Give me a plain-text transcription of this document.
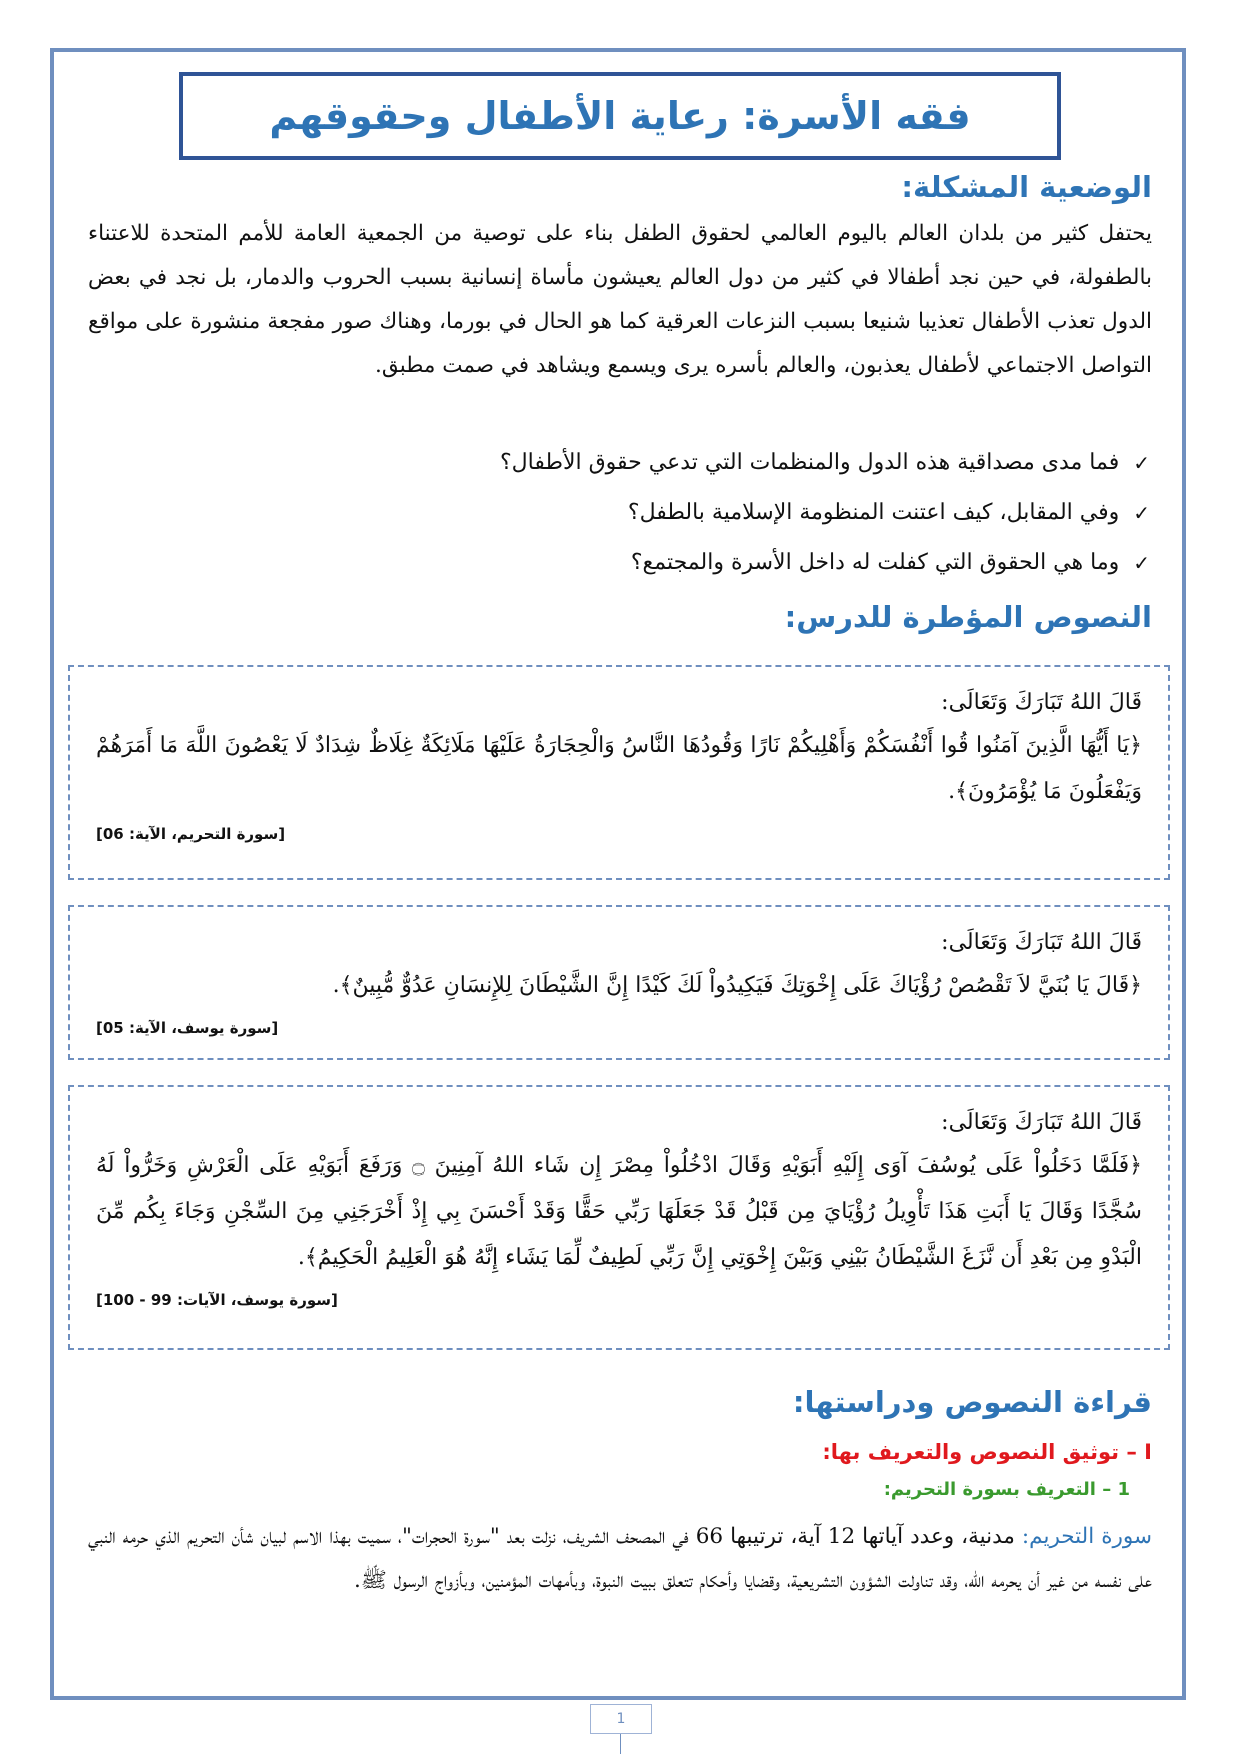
فقه الأسرة: رعاية الأطفال وحقوقهم
الوضعية المشكلة:

يحتفل كثير من بلدان العالم باليوم العالمي لحقوق الطفل بناء على توصية من الجمعية العامة للأمم المتحدة للاعتناء بالطفولة، في حين نجد أطفالا في كثير من دول العالم يعيشون مأساة إنسانية بسبب الحروب والدمار، بل نجد في بعض الدول تعذب الأطفال تعذيبا شنيعا بسبب النزعات العرقية كما هو الحال في بورما، وهناك صور مفجعة منشورة على مواقع التواصل الاجتماعي لأطفال يعذبون، والعالم بأسره يرى ويسمع ويشاهد في صمت مطبق.

✓
فما مدى مصداقية هذه الدول والمنظمات التي تدعي حقوق الأطفال؟
✓
وفي المقابل، كيف اعتنت المنظومة الإسلامية بالطفل؟
✓
وما هي الحقوق التي كفلت له داخل الأسرة والمجتمع؟
النصوص المؤطرة للدرس:

قَالَ اللهُ تَبَارَكَ وَتَعَالَى:

﴿يَا أَيُّهَا الَّذِينَ آمَنُوا قُوا أَنْفُسَكُمْ وَأَهْلِيكُمْ نَارًا وَقُودُهَا النَّاسُ وَالْحِجَارَةُ عَلَيْهَا مَلَائِكَةٌ غِلَاظٌ شِدَادٌ لَا يَعْصُونَ اللَّهَ مَا أَمَرَهُمْ وَيَفْعَلُونَ مَا يُؤْمَرُونَ﴾.

[سورة التحريم، الآية: 06]

قَالَ اللهُ تَبَارَكَ وَتَعَالَى:

﴿قَالَ يَا بُنَيَّ لاَ تَقْصُصْ رُؤْيَاكَ عَلَى إِخْوَتِكَ فَيَكِيدُواْ لَكَ كَيْدًا إِنَّ الشَّيْطَانَ لِلإِنسَانِ عَدُوٌّ مُّبِينٌ﴾.

[سورة يوسف، الآية: 05]

قَالَ اللهُ تَبَارَكَ وَتَعَالَى:

﴿فَلَمَّا دَخَلُواْ عَلَى يُوسُفَ آوَى إِلَيْهِ أَبَوَيْهِ وَقَالَ ادْخُلُواْ مِصْرَ إِن شَاء اللهُ آمِنِينَ ۝ وَرَفَعَ أَبَوَيْهِ عَلَى الْعَرْشِ وَخَرُّواْ لَهُ سُجَّدًا وَقَالَ يَا أَبَتِ هَذَا تَأْوِيلُ رُؤْيَايَ مِن قَبْلُ قَدْ جَعَلَهَا رَبِّي حَقًّا وَقَدْ أَحْسَنَ بِي إِذْ أَخْرَجَنِي مِنَ السِّجْنِ وَجَاءَ بِكُم مِّنَ الْبَدْوِ مِن بَعْدِ أَن نَّزَغَ الشَّيْطَانُ بَيْنِي وَبَيْنَ إِخْوَتِي إِنَّ رَبِّي لَطِيفٌ لِّمَا يَشَاء إِنَّهُ هُوَ الْعَلِيمُ الْحَكِيمُ﴾.

[سورة يوسف، الآيات: 99 - 100]

قراءة النصوص ودراستها:
I – توثيق النصوص والتعريف بها:
1 – التعريف بسورة التحريم:

سورة التحريم: مدنية، وعدد آياتها 12 آية، ترتيبها 66 في المصحف الشريف، نزلت بعد "سورة الحجرات"، سميت بهذا الاسم لبيان شأن التحريم الذي حرمه النبي على نفسه من غير أن يحرمه الله، وقد تناولت الشؤون التشريعية، وقضايا وأحكام تتعلق ببيت النبوة، وبأمهات المؤمنين، وبأزواج الرسول ﷺ.

1
